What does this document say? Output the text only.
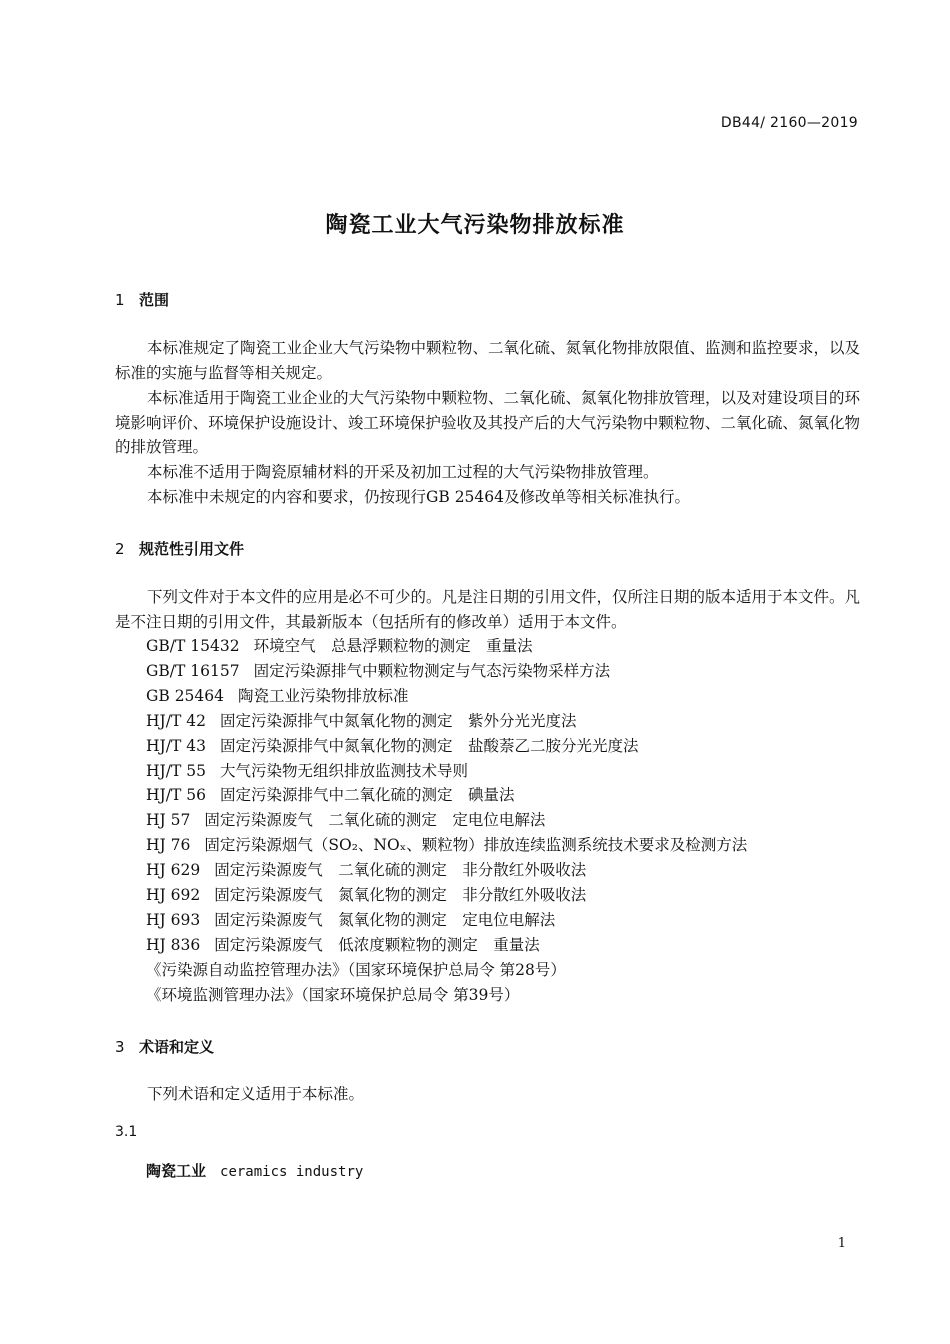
DB44/ 2160—2019
陶瓷工业大气污染物排放标准
1 范围
本标准规定了陶瓷工业企业大气污染物中颗粒物、二氧化硫、氮氧化物排放限值、监测和监控要求，以及标准的实施与监督等相关规定。
本标准适用于陶瓷工业企业的大气污染物中颗粒物、二氧化硫、氮氧化物排放管理，以及对建设项目的环境影响评价、环境保护设施设计、竣工环境保护验收及其投产后的大气污染物中颗粒物、二氧化硫、氮氧化物的排放管理。
本标准不适用于陶瓷原辅材料的开采及初加工过程的大气污染物排放管理。
本标准中未规定的内容和要求，仍按现行GB 25464及修改单等相关标准执行。
2 规范性引用文件
下列文件对于本文件的应用是必不可少的。凡是注日期的引用文件，仅所注日期的版本适用于本文件。凡是不注日期的引用文件，其最新版本（包括所有的修改单）适用于本文件。
GB/T 15432 环境空气　总悬浮颗粒物的测定　重量法
GB/T 16157 固定污染源排气中颗粒物测定与气态污染物采样方法
GB 25464 陶瓷工业污染物排放标准
HJ/T 42 固定污染源排气中氮氧化物的测定　紫外分光光度法
HJ/T 43 固定污染源排气中氮氧化物的测定　盐酸萘乙二胺分光光度法
HJ/T 55 大气污染物无组织排放监测技术导则
HJ/T 56 固定污染源排气中二氧化硫的测定　碘量法
HJ 57 固定污染源废气　二氧化硫的测定　定电位电解法
HJ 76 固定污染源烟气（SO₂、NOₓ、颗粒物）排放连续监测系统技术要求及检测方法
HJ 629 固定污染源废气　二氧化硫的测定　非分散红外吸收法
HJ 692 固定污染源废气　氮氧化物的测定　非分散红外吸收法
HJ 693 固定污染源废气　氮氧化物的测定　定电位电解法
HJ 836 固定污染源废气　低浓度颗粒物的测定　重量法
《污染源自动监控管理办法》（国家环境保护总局令 第28号）
《环境监测管理办法》（国家环境保护总局令 第39号）
3 术语和定义
下列术语和定义适用于本标准。
3.1
陶瓷工业 ceramics industry
1
